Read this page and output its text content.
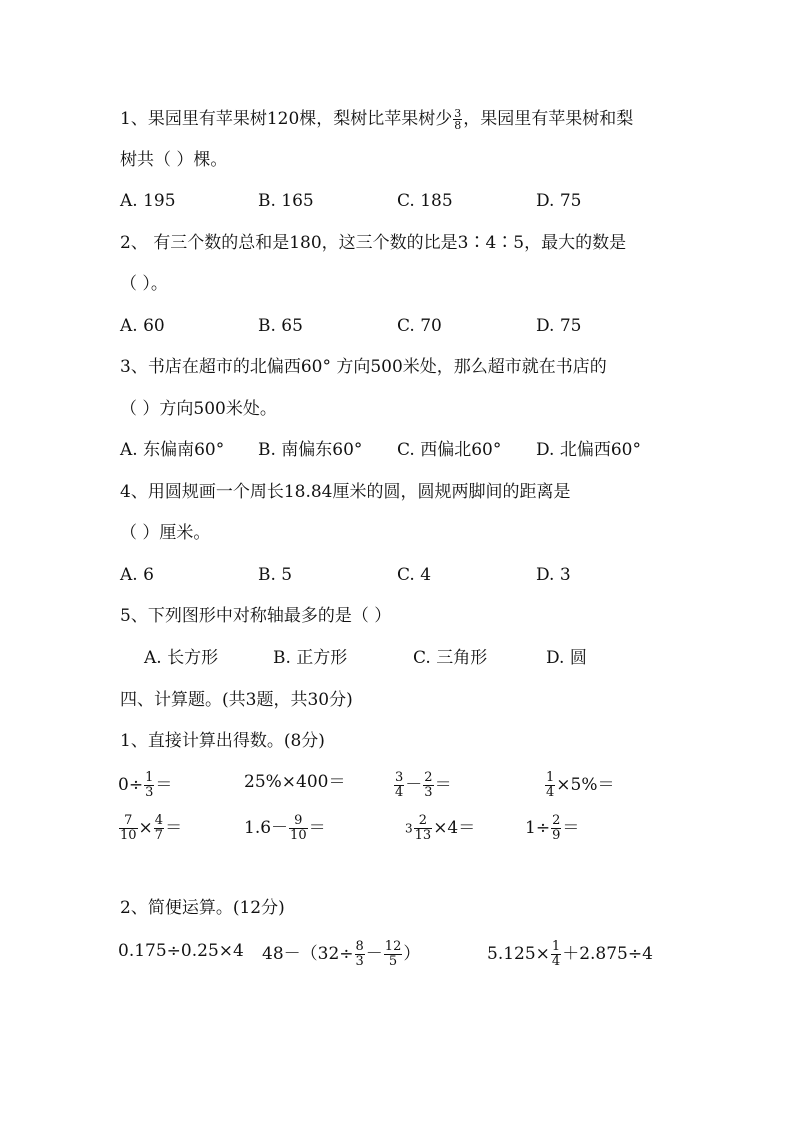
1、果园里有苹果树120棵，梨树比苹果树少 $\frac{3}{8}$ ，果园里有苹果树和梨
树共（ ）棵。
A. 195	B. 165	C. 185	D. 75
2、 有三个数的总和是180，这三个数的比是3∶4∶5，最大的数是
（ ）。
A. 60	B. 65	C. 70	D. 75
3、书店在超市的北偏西60° 方向500米处，那么超市就在书店的
（ ）方向500米处。
A. 东偏南60° B. 南偏东60° C. 西偏北60° D. 北偏西60°
4、用圆规画一个周长18.84厘米的圆，圆规两脚间的距离是
（ ）厘米。
A. 6	B. 5	C. 4	D. 3
5、下列图形中对称轴最多的是（ ）
A. 长方形	B. 正方形	C. 三角形	D. 圆
四、计算题。(共3题，共30分)
1、直接计算出得数。(8分)
$0\div \frac{1}{3}$ ＝	25%×400＝	$\frac{3}{4} - \frac{2}{3}$ ＝	$\frac{1}{4} \times 5\%=$
$\frac{7}{10} \times \frac{4}{7}$ ＝	$1.6- \frac{9}{10}$ ＝	$3 \frac{2}{13} \times 4=$	$1\div \frac{2}{9}$ ＝
2、简便运算。(12分)
0.175÷0.25×4 $48-(32\div \frac{8}{3} - \frac{12}{5}$ ）	$5.125\times \frac{1}{4} +2.875\div 4$
